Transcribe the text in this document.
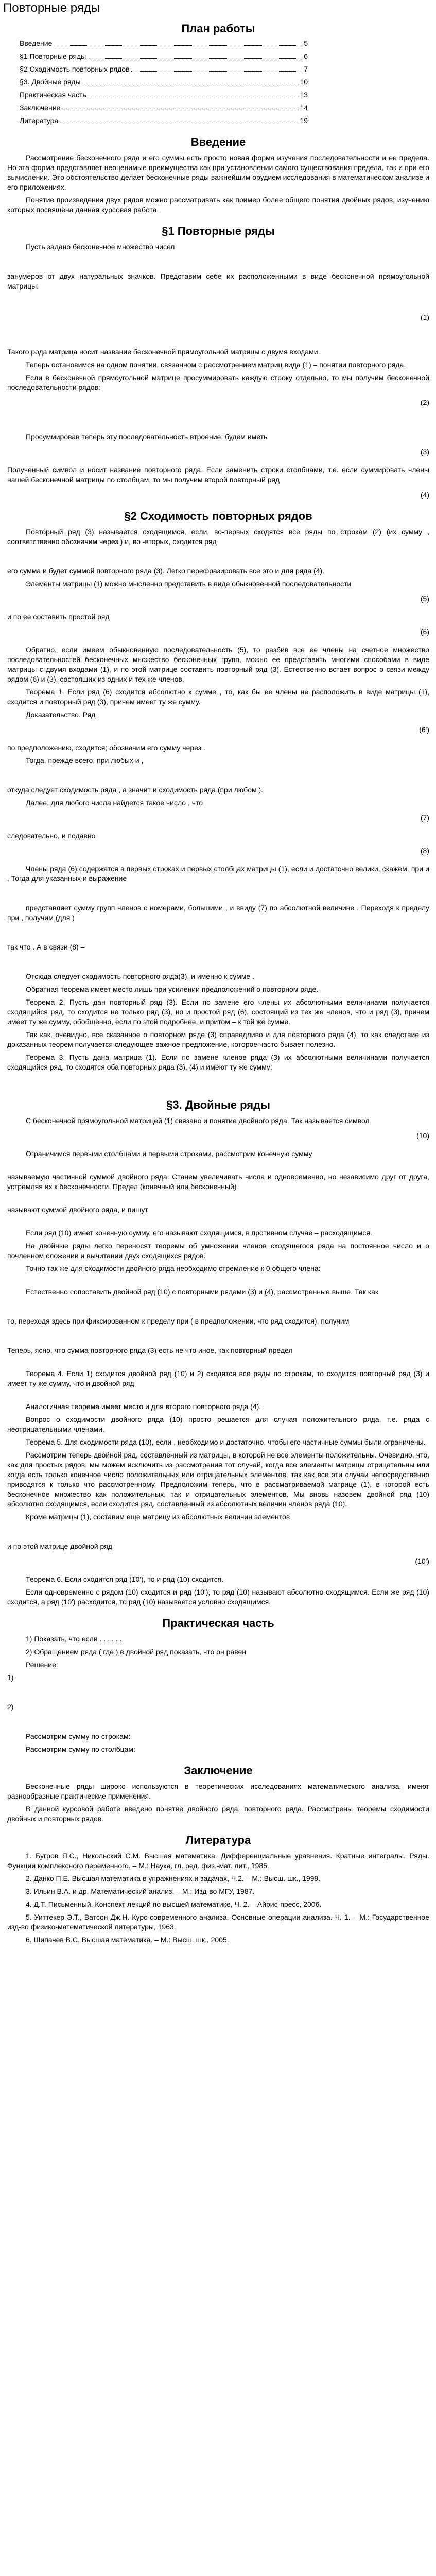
Повторные ряды
План работы
Введение	5
§1 Повторные ряды	6
§2 Сходимость повторных рядов	7
§3. Двойные ряды	10
Практическая часть	13
Заключение	14
Литература	19
Введение

Рассмотрение бесконечного ряда и его суммы есть просто новая форма изучения последовательности и ее предела. Но эта форма представляет неоценимые преимущества как при установлении самого существования предела, так и при его вычислении. Это обстоятельство делает бесконечные ряды важнейшим орудием исследования в математическом анализе и его приложениях.

Понятие произведения двух рядов можно рассматривать как пример более общего понятия двойных рядов, изучению которых посвящена данная курсовая работа.

§1 Повторные ряды

Пусть задано бесконечное множество чисел

занумеров от двух натуральных значков. Представим себе их расположенными в виде бесконечной прямоугольной матрицы:

(1)

Такого рода матрица носит название бесконечной прямоугольной матрицы с двумя входами.

Теперь остановимся на одном понятии, связанном с рассмотрением матриц вида (1) – понятии повторного ряда.

Если в бесконечной прямоугольной матрице просуммировать каждую строку отдельно, то мы получим бесконечной последовательности рядов:

(2)

Просуммировав теперь эту последовательность втроение, будем иметь

(3)

Полученный символ и носит название повторного ряда. Если заменить строки столбцами, т.е. если суммировать члены нашей бесконечной матрицы по столбцам, то мы получим второй повторный ряд

(4)
§2 Сходимость повторных рядов

Повторный ряд (3) называется сходящимся, если, во-первых сходятся все ряды по строкам (2) (их сумму , соответственно обозначим через ) и, во -вторых, сходится ряд

его сумма и будет суммой повторного ряда (3). Легко перефразировать все это и для ряда (4).

Элементы матрицы (1) можно мысленно представить в виде обыкновенной последовательности

(5)

и по ее составить простой ряд

(6)

Обратно, если имеем обыкновенную последовательность (5), то разбив все ее члены на счетное множество последовательностей бесконечных множество бесконечных групп, можно ее представить многими способами в виде матрицы с двумя входами (1), и по этой матрице составить повторный ряд (3). Естественно встает вопрос о связи между рядом (6) и (3), состоящих из одних и тех же членов.

Теорема 1. Если ряд (6) сходится абсолютно к сумме , то, как бы ее члены не расположить в виде матрицы (1), сходится и повторный ряд (3), причем имеет ту же сумму.

Доказательство. Ряд

(6')

по предположению, сходится; обозначим его сумму через .

Тогда, прежде всего, при любых и ,

откуда следует сходимость ряда , а значит и сходимость ряда (при любом ).

Далее, для любого числа найдется такое число , что

(7)

следовательно, и подавно

(8)

Члены ряда (6) содержатся в первых строках и первых столбцах матрицы (1), если и достаточно велики, скажем, при и . Тогда для указанных и выражение

представляет сумму групп членов с номерами, большими , и ввиду (7) по абсолютной величине . Переходя к пределу при , получим (для )

так что . А в связи (8) –

Отсюда следует сходимость повторного ряда(3), и именно к сумме .

Обратная теорема имеет место лишь при усилении предположений о повторном ряде.

Теорема 2. Пусть дан повторный ряд (3). Если по замене его члены их абсолютными величинами получается сходящийся ряд, то сходится не только ряд (3), но и простой ряд (6), состоящий из тех же членов, что и ряд (3), причем имеет ту же сумму, обобщённо, если по этой подробнее, и притом – к той же сумме.

Так как, очевидно, все сказанное о повторном ряде (3) справедливо и для повторного ряда (4), то как следствие из доказанных теорем получается следующее важное предложение, которое часто бывает полезно.

Теорема 3. Пусть дана матрица (1). Если по замене членов ряда (3) их абсолютными величинами получается сходящийся ряд, то сходятся оба повторных ряда (3), (4) и имеют ту же сумму:

§3. Двойные ряды

С бесконечной прямоугольной матрицей (1) связано и понятие двойного ряда. Так называется символ

(10)

Ограничимся первыми столбцами и первыми строками, рассмотрим конечную сумму

называемую частичной суммой двойного ряда. Станем увеличивать числа и одновременно, но независимо друг от друга, устремляя их к бесконечности. Предел (конечный или бесконечный)

называют суммой двойного ряда, и пишут

Если ряд (10) имеет конечную сумму, его называют сходящимся, в противном случае – расходящимся.

На двойные ряды легко переносят теоремы об умножении членов сходящегося ряда на постоянное число и о почленном сложении и вычитании двух сходящихся рядов.

Точно так же для сходимости двойного ряда необходимо стремление к 0 общего члена:

Естественно сопоставить двойной ряд (10) с повторными рядами (3) и (4), рассмотренные выше. Так как

то, переходя здесь при фиксированном к пределу при ( в предположении, что ряд сходится), получим

Теперь, ясно, что сумма повторного ряда (3) есть не что иное, как повторный предел

Теорема 4. Если 1) сходится двойной ряд (10) и 2) сходятся все ряды по строкам, то сходится повторный ряд (3) и имеет ту же сумму, что и двойной ряд

Аналогичная теорема имеет место и для второго повторного ряда (4).

Вопрос о сходимости двойного ряда (10) просто решается для случая положительного ряда, т.е. ряда с неотрицательными членами.

Теорема 5. Для сходимости ряда (10), если , необходимо и достаточно, чтобы его частичные суммы были ограничены.

Рассмотрим теперь двойной ряд, составленный из матрицы, в которой не все элементы положительны. Очевидно, что, как для простых рядов, мы можем исключить из рассмотрения тот случай, когда все элементы матрицы отрицательны или когда есть только конечное число положительных или отрицательных элементов, так как все эти случаи непосредственно приводятся к только что рассмотренному. Предположим теперь, что в рассматриваемой матрице (1), в которой есть бесконечное множество как положительных, так и отрицательных элементов. Мы вновь назовем двойной ряд (10) абсолютно сходящимся, если сходится ряд, составленный из абсолютных величин членов ряда (10).

Кроме матрицы (1), составим еще матрицу из абсолютных величин элементов,

и по этой матрице двойной ряд

(10')

Теорема 6. Если сходится ряд (10'), то и ряд (10) сходится.

Если одновременно с рядом (10) сходится и ряд (10'), то ряд (10) называют абсолютно сходящимся. Если же ряд (10) сходится, а ряд (10') расходится, то ряд (10) называется условно сходящимся.

Практическая часть

1) Показать, что если . . . . . .

2) Обращением ряда ( где ) в двойной ряд показать, что он равен

Решение:

1)

2)

Рассмотрим сумму по строкам:

Рассмотрим сумму по столбцам:

Заключение

Бесконечные ряды широко используются в теоретических исследованиях математического анализа, имеют разнообразные практические применения.

В данной курсовой работе введено понятие двойного ряда, повторного ряда. Рассмотрены теоремы сходимости двойных и повторных рядов.

Литература

1. Бугров Я.С., Никольский С.М. Высшая математика. Дифференциальные уравнения. Кратные интегралы. Ряды. Функции комплексного переменного. – М.: Наука, гл. ред. физ.-мат. лит., 1985.

2. Данко П.Е. Высшая математика в упражнениях и задачах, Ч.2. – М.: Высш. шк., 1999.

3. Ильин В.А. и др. Математический анализ. – М.: Изд-во МГУ, 1987.

4. Д.Т. Письменный. Конспект лекций по высшей математике, Ч. 2. – Айрис-пресс, 2006.

5. Уиттекер Э.Т., Ватсон Дж.Н. Курс современного анализа. Основные операции анализа. Ч. 1. – М.: Государственное изд-во физико-математической литературы, 1963.

6. Шипачев В.С. Высшая математика. – М.: Высш. шк., 2005.
